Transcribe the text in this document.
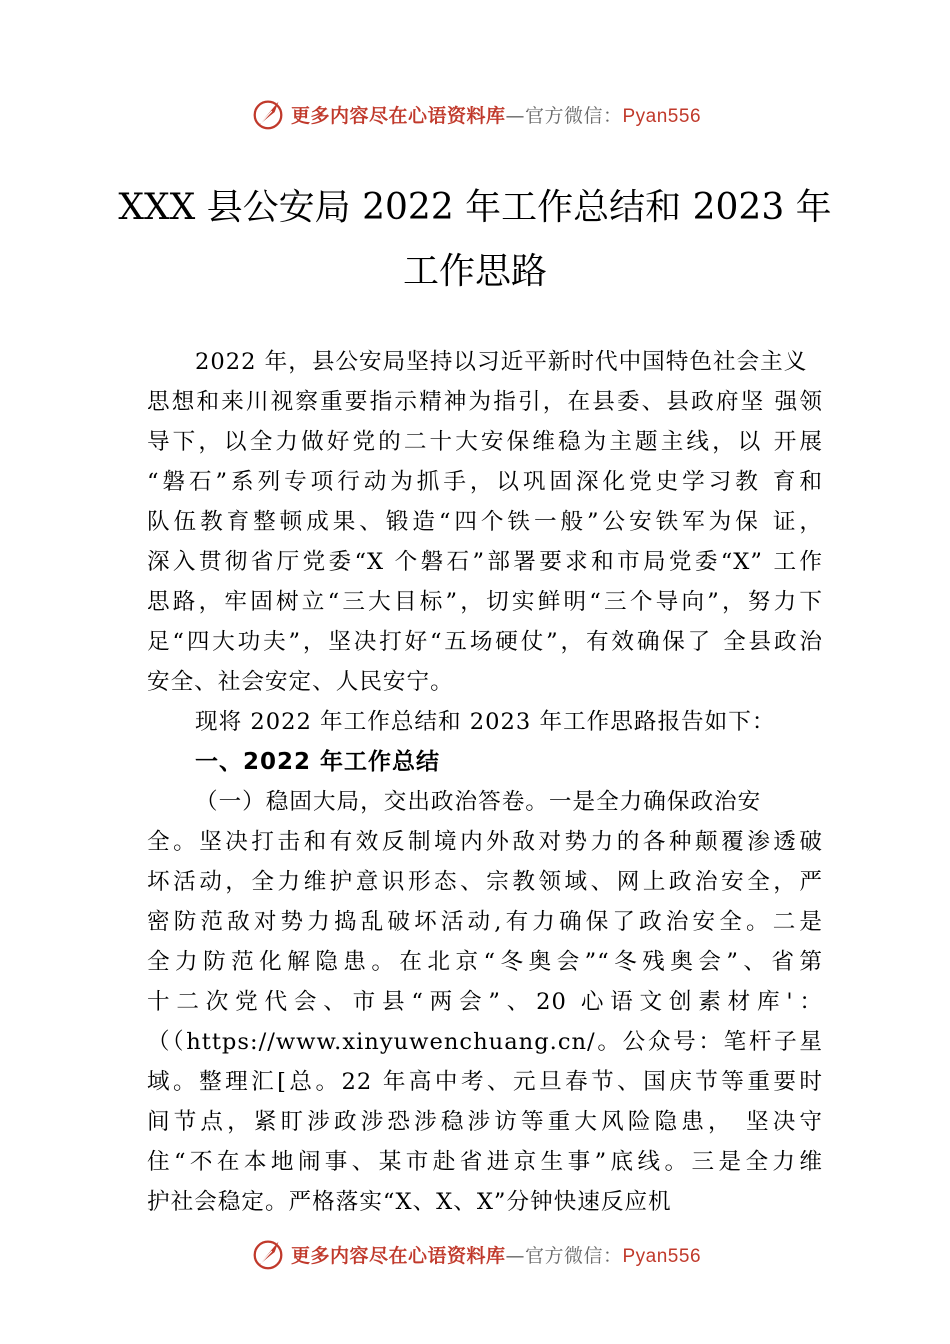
更多内容尽在心语资料库—官方微信：Pyan556
XXX 县公安局 2022 年工作总结和 2023 年
工作思路
2022 年，县公安局坚持以习近平新时代中国特色社会主义
思想和来川视察重要指示精神为指引，在县委、县政府坚 强领
导下，以全力做好党的二十大安保维稳为主题主线，以 开展
“磐石”系列专项行动为抓手，以巩固深化党史学习教 育和
队伍教育整顿成果、锻造“四个铁一般”公安铁军为保 证，
深入贯彻省厅党委“X 个磐石”部署要求和市局党委“X” 工作
思路，牢固树立“三大目标”，切实鲜明“三个导向”，努力下
足“四大功夫”，坚决打好“五场硬仗”，有效确保了 全县政治
安全、社会安定、人民安宁。
现将 2022 年工作总结和 2023 年工作思路报告如下：
一、2022 年工作总结
（一）稳固大局，交出政治答卷。一是全力确保政治安
全。坚决打击和有效反制境内外敌对势力的各种颠覆渗透破
坏活动，全力维护意识形态、宗教领域、网上政治安全，严
密防范敌对势力捣乱破坏活动,有力确保了政治安全。二是
全力防范化解隐患。在北京“冬奥会”“冬残奥会”、省第
十二次党代会、市县“两会”、20 心语文创素材库'：
（（https://www.xinyuwenchuang.cn/。公众号：笔杆子星
域。整理汇[总。22 年高中考、元旦春节、国庆节等重要时
间节点，紧盯涉政涉恐涉稳涉访等重大风险隐患， 坚决守
住“不在本地闹事、某市赴省进京生事”底线。三是全力维
护社会稳定。严格落实“X、X、X”分钟快速反应机
更多内容尽在心语资料库—官方微信：Pyan556
